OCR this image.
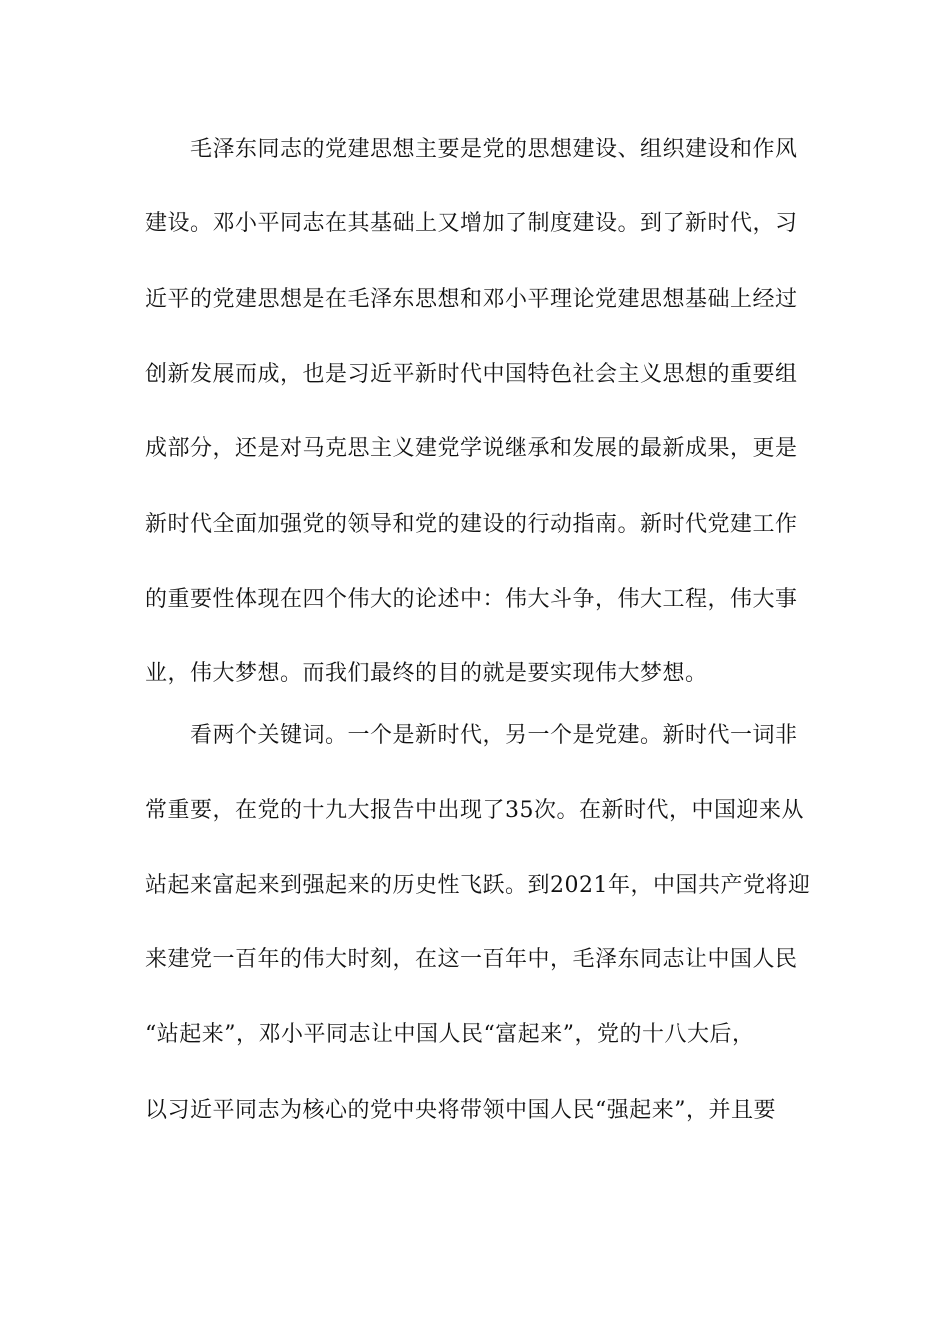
毛泽东同志的党建思想主要是党的思想建设、组织建设和作风
建设。邓小平同志在其基础上又增加了制度建设。到了新时代，习
近平的党建思想是在毛泽东思想和邓小平理论党建思想基础上经过
创新发展而成，也是习近平新时代中国特色社会主义思想的重要组
成部分，还是对马克思主义建党学说继承和发展的最新成果，更是
新时代全面加强党的领导和党的建设的行动指南。新时代党建工作
的重要性体现在四个伟大的论述中：伟大斗争，伟大工程，伟大事
业，伟大梦想。而我们最终的目的就是要实现伟大梦想。
看两个关键词。一个是新时代，另一个是党建。新时代一词非
常重要，在党的十九大报告中出现了35次。在新时代，中国迎来从
站起来富起来到强起来的历史性飞跃。到2021年，中国共产党将迎
来建党一百年的伟大时刻，在这一百年中，毛泽东同志让中国人民
“站起来”，邓小平同志让中国人民“富起来”，党的十八大后，
以习近平同志为核心的党中央将带领中国人民“强起来”，并且要
